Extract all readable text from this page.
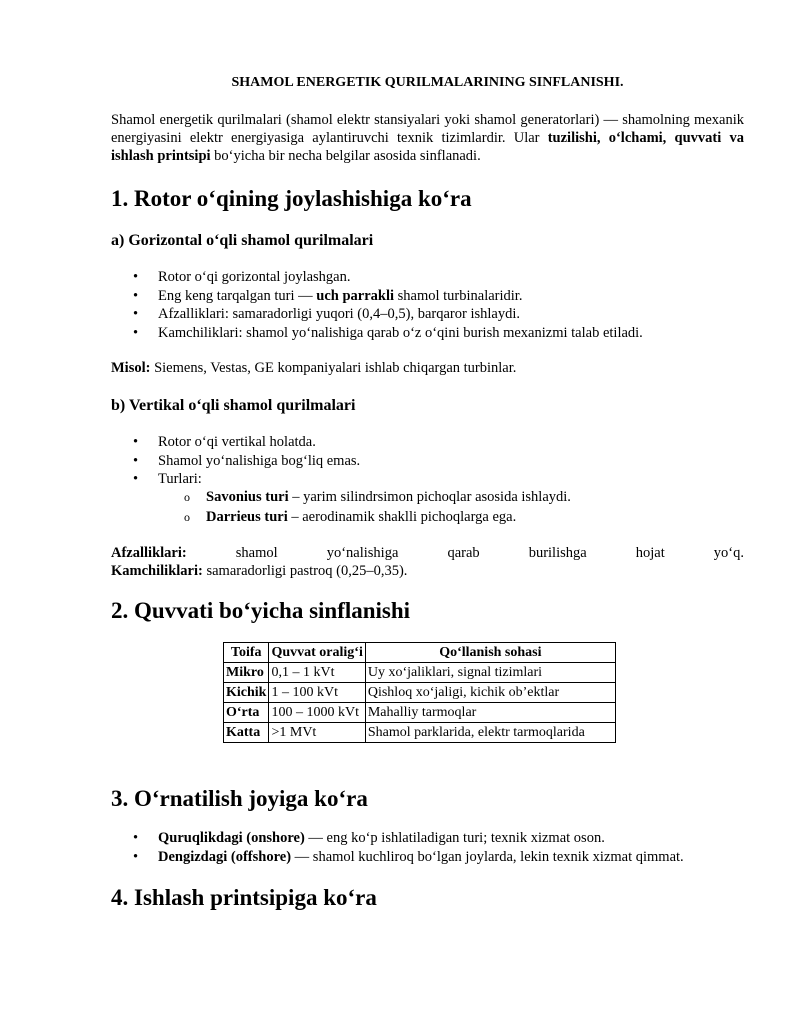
SHAMOL ENERGETIK QURILMALARINING SINFLANISHI.
Shamol energetik qurilmalari (shamol elektr stansiyalari yoki shamol generatorlari) — shamolning mexanik energiyasini elektr energiyasiga aylantiruvchi texnik tizimlardir. Ular tuzilishi, o‘lchami, quvvati va ishlash printsipi bo‘yicha bir necha belgilar asosida sinflanadi.
1. Rotor o‘qining joylashishiga ko‘ra
a) Gorizontal o‘qli shamol qurilmalari
• Rotor o‘qi gorizontal joylashgan.
• Eng keng tarqalgan turi — uch parrakli shamol turbinalaridir.
• Afzalliklari: samaradorligi yuqori (0,4–0,5), barqaror ishlaydi.
• Kamchiliklari: shamol yo‘nalishiga qarab o‘z o‘qini burish mexanizmi talab etiladi.
Misol: Siemens, Vestas, GE kompaniyalari ishlab chiqargan turbinlar.
b) Vertikal o‘qli shamol qurilmalari
• Rotor o‘qi vertikal holatda.
• Shamol yo‘nalishiga bog‘liq emas.
• Turlari:
o Savonius turi – yarim silindrsimon pichoqlar asosida ishlaydi.
o Darrieus turi – aerodinamik shaklli pichoqlarga ega.
Afzalliklari:	shamol	yo‘nalishiga	qarab	burilishga	hojat	yo‘q.
Kamchiliklari: samaradorligi pastroq (0,25–0,35).
2. Quvvati bo‘yicha sinflanishi
Toifa	Quvvat oralig‘i	Qo‘llanish sohasi
Mikro	0,1 – 1 kVt	Uy xo‘jaliklari, signal tizimlari
Kichik	1 – 100 kVt	Qishloq xo‘jaligi, kichik ob’ektlar
O‘rta	100 – 1000 kVt	Mahalliy tarmoqlar
Katta	>1 MVt	Shamol parklarida, elektr tarmoqlarida
3. O‘rnatilish joyiga ko‘ra
• Quruqlikdagi (onshore) — eng ko‘p ishlatiladigan turi; texnik xizmat oson.
• Dengizdagi (offshore) — shamol kuchliroq bo‘lgan joylarda, lekin texnik xizmat qimmat.
4. Ishlash printsipiga ko‘ra
